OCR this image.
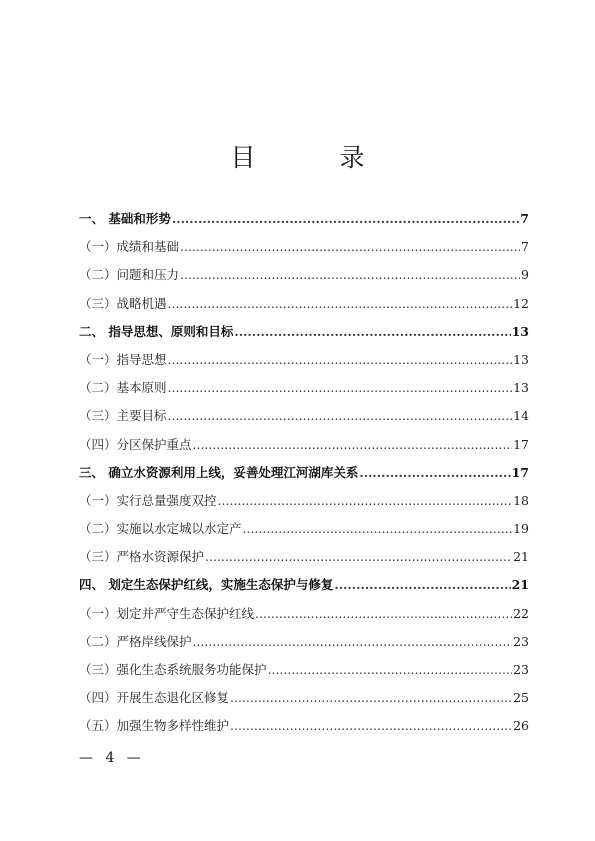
目 录
一、 基础和形势 .....	7
（一）成绩和基础 .....	7
（二）问题和压力 .....	9
（三）战略机遇 .....	12
二、 指导思想、原则和目标 .....	13
（一）指导思想 .....	13
（二）基本原则 .....	13
（三）主要目标 .....	14
（四）分区保护重点 .....	17
三、 确立水资源利用上线，妥善处理江河湖库关系 .....	17
（一）实行总量强度双控 .....	18
（二）实施以水定城以水定产 .....	19
（三）严格水资源保护 .....	21
四、 划定生态保护红线，实施生态保护与修复 .....	21
（一）划定并严守生态保护红线 .....	22
（二）严格岸线保护 .....	23
（三）强化生态系统服务功能保护 .....	23
（四）开展生态退化区修复 .....	25
（五）加强生物多样性维护 .....	26
— 4 —
